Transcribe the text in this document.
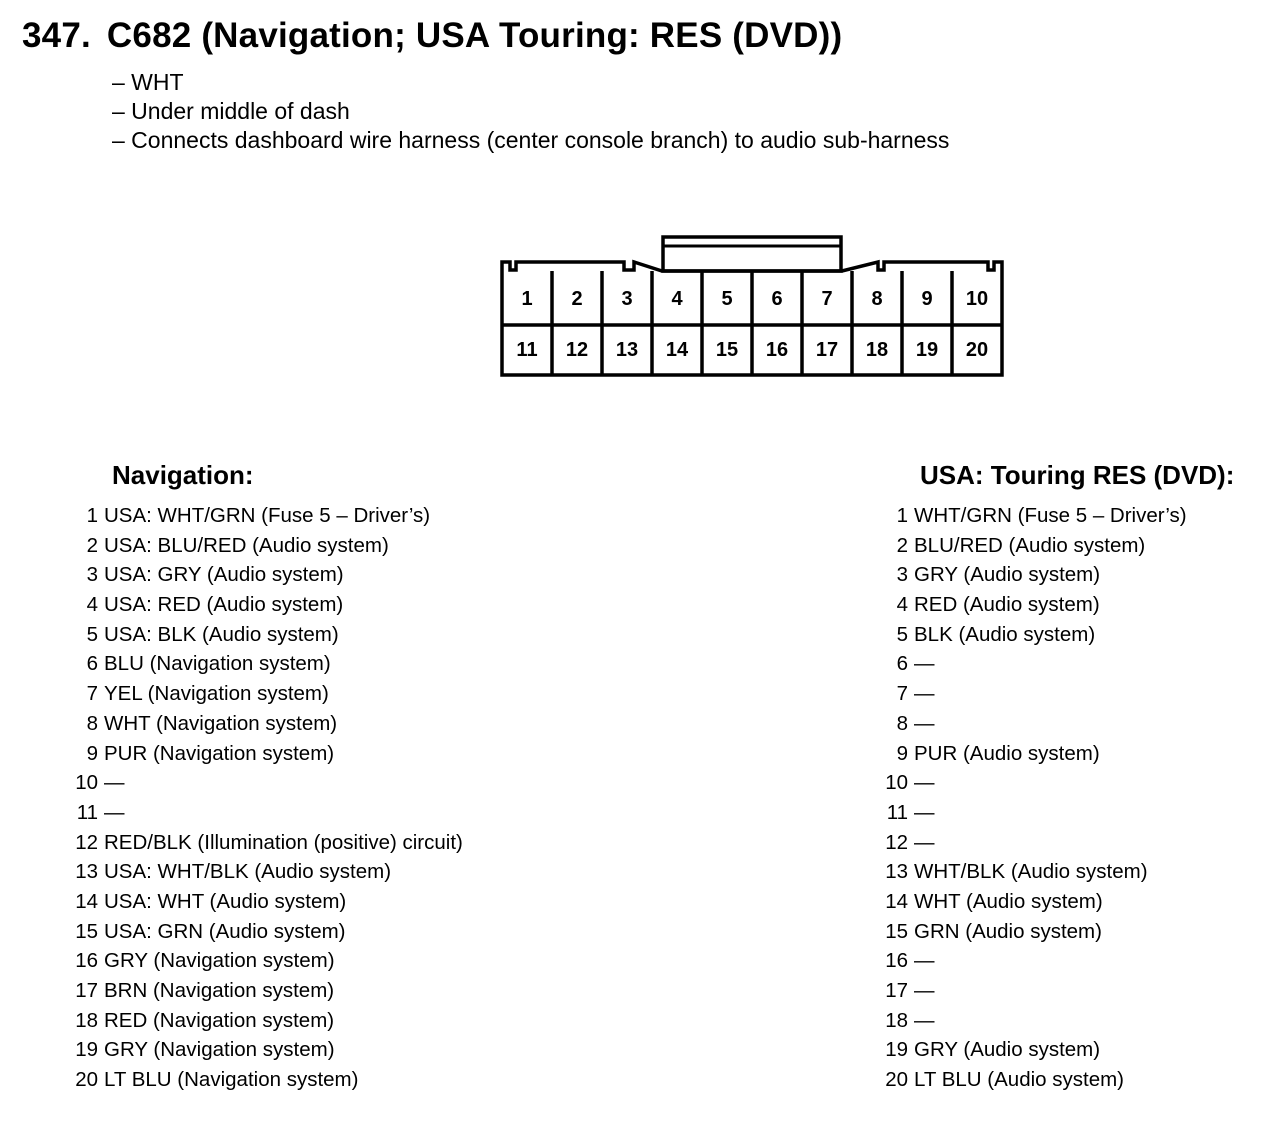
347. C682 (Navigation; USA Touring: RES (DVD))
– WHT
– Under middle of dash
– Connects dashboard wire harness (center console branch) to audio sub-harness
1 2 3 4 5 6 7 8 9 10
11 12 13 14 15 16 17 18 19 20
Navigation:
1 USA: WHT/GRN (Fuse 5 – Driver’s)
2 USA: BLU/RED (Audio system)
3 USA: GRY (Audio system)
4 USA: RED (Audio system)
5 USA: BLK (Audio system)
6 BLU (Navigation system)
7 YEL (Navigation system)
8 WHT (Navigation system)
9 PUR (Navigation system)
10 —
11 —
12 RED/BLK (Illumination (positive) circuit)
13 USA: WHT/BLK (Audio system)
14 USA: WHT (Audio system)
15 USA: GRN (Audio system)
16 GRY (Navigation system)
17 BRN (Navigation system)
18 RED (Navigation system)
19 GRY (Navigation system)
20 LT BLU (Navigation system)
USA: Touring RES (DVD):
1 WHT/GRN (Fuse 5 – Driver’s)
2 BLU/RED (Audio system)
3 GRY (Audio system)
4 RED (Audio system)
5 BLK (Audio system)
6 —
7 —
8 —
9 PUR (Audio system)
10 —
11 —
12 —
13 WHT/BLK (Audio system)
14 WHT (Audio system)
15 GRN (Audio system)
16 —
17 —
18 —
19 GRY (Audio system)
20 LT BLU (Audio system)
